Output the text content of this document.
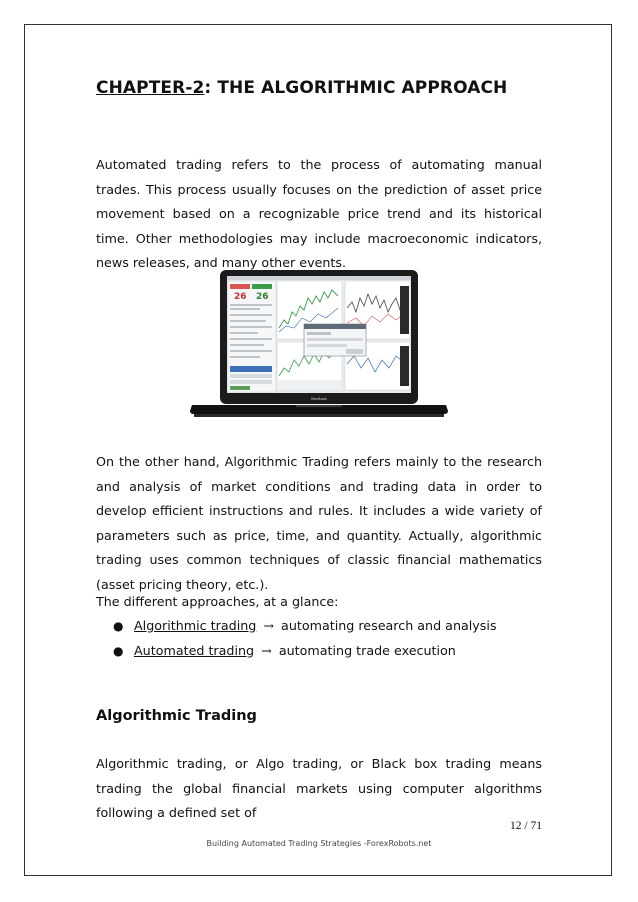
CHAPTER-2: THE ALGORITHMIC APPROACH

Automated trading refers to the process of automating manual trades. This process usually focuses on the prediction of asset price movement based on a recognizable price trend and its historical time. Other methodologies may include macroeconomic indicators, news releases, and many other events.

26 26
MacBook

On the other hand, Algorithmic Trading refers mainly to the research and analysis of market conditions and trading data in order to develop efficient instructions and rules. It includes a wide variety of parameters such as price, time, and quantity. Actually, algorithmic trading uses common techniques of classic financial mathematics (asset pricing theory, etc.).

The different approaches, at a glance:

● Algorithmic trading → automating research and analysis
● Automated trading → automating trade execution
Algorithmic Trading

Algorithmic trading, or Algo trading, or Black box trading means trading the global financial markets using computer algorithms following a defined set of

12 / 71
Building Automated Trading Strategies -ForexRobots.net
